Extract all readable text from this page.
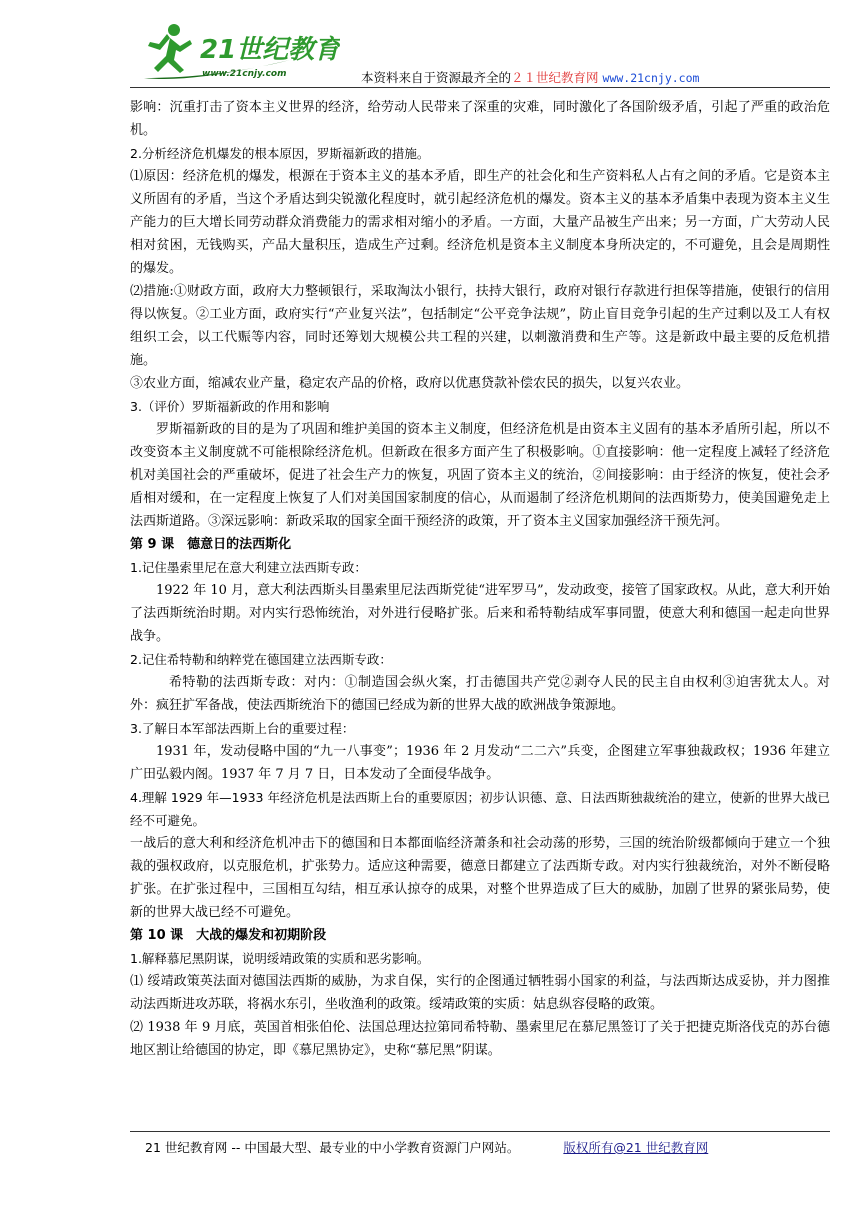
21世纪教育
www.21cnjy.com	本资料来自于资源最齐全的２１世纪教育网 www.21cnjy.com

影响：沉重打击了资本主义世界的经济，给劳动人民带来了深重的灾难，同时激化了各国阶级矛盾，引起了严重的政治危机。

2.分析经济危机爆发的根本原因，罗斯福新政的措施。

⑴原因：经济危机的爆发，根源在于资本主义的基本矛盾，即生产的社会化和生产资料私人占有之间的矛盾。它是资本主义所固有的矛盾，当这个矛盾达到尖锐激化程度时，就引起经济危机的爆发。资本主义的基本矛盾集中表现为资本主义生产能力的巨大增长同劳动群众消费能力的需求相对缩小的矛盾。一方面，大量产品被生产出来；另一方面，广大劳动人民相对贫困，无钱购买，产品大量积压，造成生产过剩。经济危机是资本主义制度本身所决定的，不可避免，且会是周期性的爆发。

⑵措施:①财政方面，政府大力整顿银行，采取淘汰小银行，扶持大银行，政府对银行存款进行担保等措施，使银行的信用得以恢复。②工业方面，政府实行“产业复兴法”，包括制定“公平竞争法规”，防止盲目竞争引起的生产过剩以及工人有权组织工会，以工代赈等内容，同时还筹划大规模公共工程的兴建，以刺激消费和生产等。这是新政中最主要的反危机措施。

③农业方面，缩减农业产量，稳定农产品的价格，政府以优惠贷款补偿农民的损失，以复兴农业。

3.（评价）罗斯福新政的作用和影响

罗斯福新政的目的是为了巩固和维护美国的资本主义制度，但经济危机是由资本主义固有的基本矛盾所引起，所以不改变资本主义制度就不可能根除经济危机。但新政在很多方面产生了积极影响。①直接影响：他一定程度上减轻了经济危机对美国社会的严重破坏，促进了社会生产力的恢复，巩固了资本主义的统治，②间接影响：由于经济的恢复，使社会矛盾相对缓和，在一定程度上恢复了人们对美国国家制度的信心，从而遏制了经济危机期间的法西斯势力，使美国避免走上法西斯道路。③深远影响：新政采取的国家全面干预经济的政策，开了资本主义国家加强经济干预先河。

第 9 课　德意日的法西斯化

1.记住墨索里尼在意大利建立法西斯专政：

1922 年 10 月，意大利法西斯头目墨索里尼法西斯党徒“进军罗马”，发动政变，接管了国家政权。从此，意大利开始了法西斯统治时期。对内实行恐怖统治，对外进行侵略扩张。后来和希特勒结成军事同盟，使意大利和德国一起走向世界战争。

2.记住希特勒和纳粹党在德国建立法西斯专政：

希特勒的法西斯专政：对内：①制造国会纵火案，打击德国共产党②剥夺人民的民主自由权利③迫害犹太人。对外：疯狂扩军备战，使法西斯统治下的德国已经成为新的世界大战的欧洲战争策源地。

3.了解日本军部法西斯上台的重要过程：

1931 年，发动侵略中国的“九一八事变”；1936 年 2 月发动“二二六”兵变，企图建立军事独裁政权；1936 年建立广田弘毅内阁。1937 年 7 月 7 日，日本发动了全面侵华战争。

4.理解 1929 年—1933 年经济危机是法西斯上台的重要原因；初步认识德、意、日法西斯独裁统治的建立，使新的世界大战已经不可避免。

一战后的意大利和经济危机冲击下的德国和日本都面临经济萧条和社会动荡的形势，三国的统治阶级都倾向于建立一个独裁的强权政府，以克服危机，扩张势力。适应这种需要，德意日都建立了法西斯专政。对内实行独裁统治，对外不断侵略扩张。在扩张过程中，三国相互勾结，相互承认掠夺的成果，对整个世界造成了巨大的威胁，加剧了世界的紧张局势，使新的世界大战已经不可避免。

第 10 课　大战的爆发和初期阶段

1.解释慕尼黑阴谋，说明绥靖政策的实质和恶劣影响。

⑴ 绥靖政策英法面对德国法西斯的威胁，为求自保，实行的企图通过牺牲弱小国家的利益，与法西斯达成妥协，并力图推动法西斯进攻苏联，将祸水东引，坐收渔利的政策。绥靖政策的实质：姑息纵容侵略的政策。

⑵ 1938 年 9 月底，英国首相张伯伦、法国总理达拉第同希特勒、墨索里尼在慕尼黑签订了关于把捷克斯洛伐克的苏台德地区割让给德国的协定，即《慕尼黑协定》，史称“慕尼黑”阴谋。

21 世纪教育网 -- 中国最大型、最专业的中小学教育资源门户网站。	版权所有@21 世纪教育网
